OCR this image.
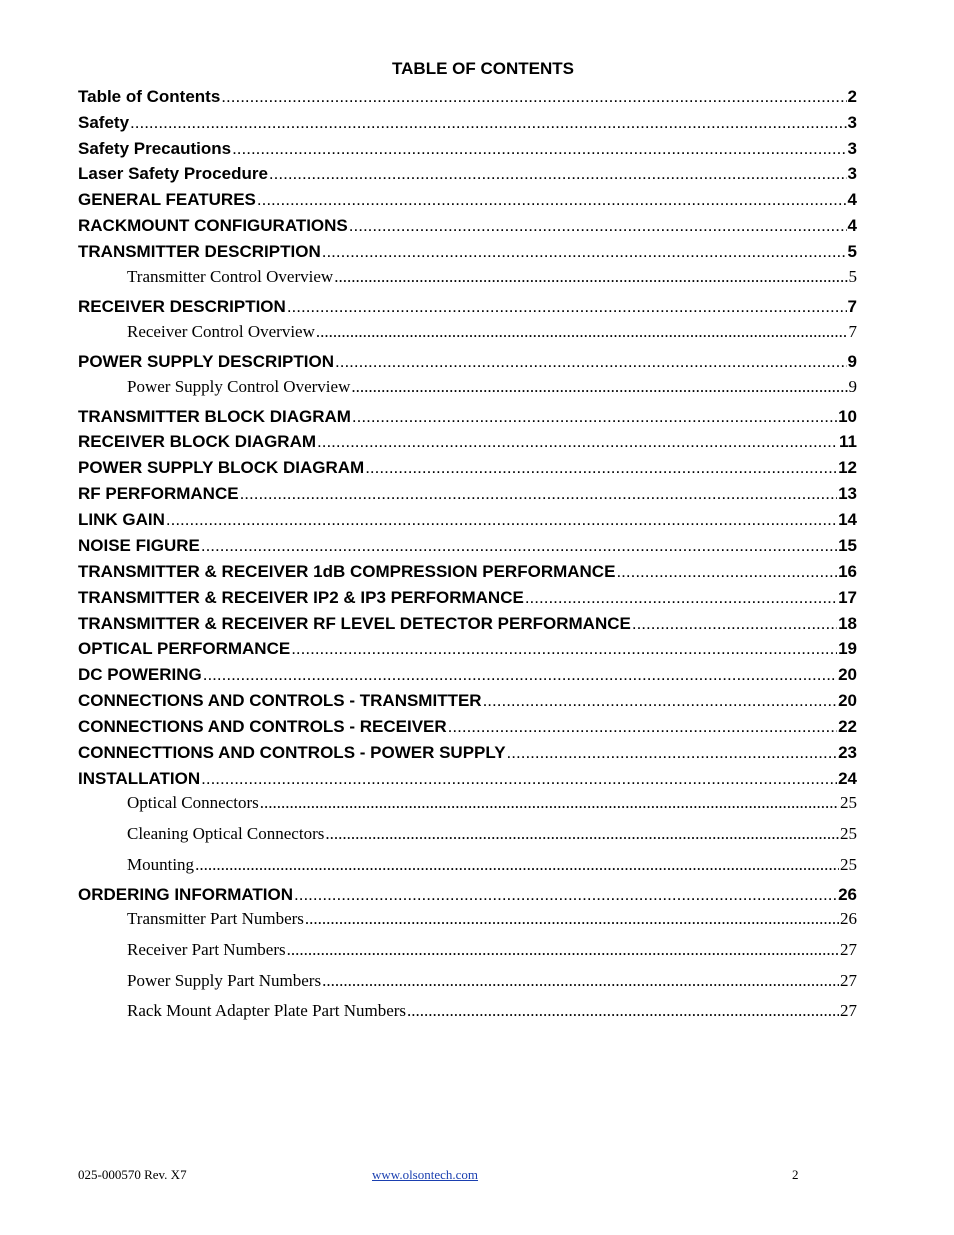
TABLE OF CONTENTS
Table of Contents .....	2
Safety .....	3
Safety Precautions .....	3
Laser Safety Procedure .....	3
GENERAL FEATURES .....	4
RACKMOUNT CONFIGURATIONS .....	4
TRANSMITTER DESCRIPTION .....	5
Transmitter Control Overview .....	5
RECEIVER DESCRIPTION .....	7
Receiver Control Overview .....	7
POWER SUPPLY DESCRIPTION .....	9
Power Supply Control Overview .....	9
TRANSMITTER BLOCK DIAGRAM .....	10
RECEIVER BLOCK DIAGRAM .....	11
POWER SUPPLY BLOCK DIAGRAM .....	12
RF PERFORMANCE .....	13
LINK GAIN .....	14
NOISE FIGURE .....	15
TRANSMITTER & RECEIVER 1dB COMPRESSION PERFORMANCE .....	16
TRANSMITTER & RECEIVER IP2 & IP3 PERFORMANCE .....	17
TRANSMITTER & RECEIVER RF LEVEL DETECTOR PERFORMANCE .....	18
OPTICAL PERFORMANCE .....	19
DC POWERING .....	20
CONNECTIONS AND CONTROLS - TRANSMITTER .....	20
CONNECTIONS AND CONTROLS - RECEIVER .....	22
CONNECTTIONS AND CONTROLS - POWER SUPPLY .....	23
INSTALLATION .....	24
Optical Connectors .....	25
Cleaning Optical Connectors .....	25
Mounting .....	25
ORDERING INFORMATION .....	26
Transmitter Part Numbers .....	26
Receiver Part Numbers .....	27
Power Supply Part Numbers .....	27
Rack Mount Adapter Plate Part Numbers .....	27
025-000570 Rev. X7	www.olsontech.com	2
